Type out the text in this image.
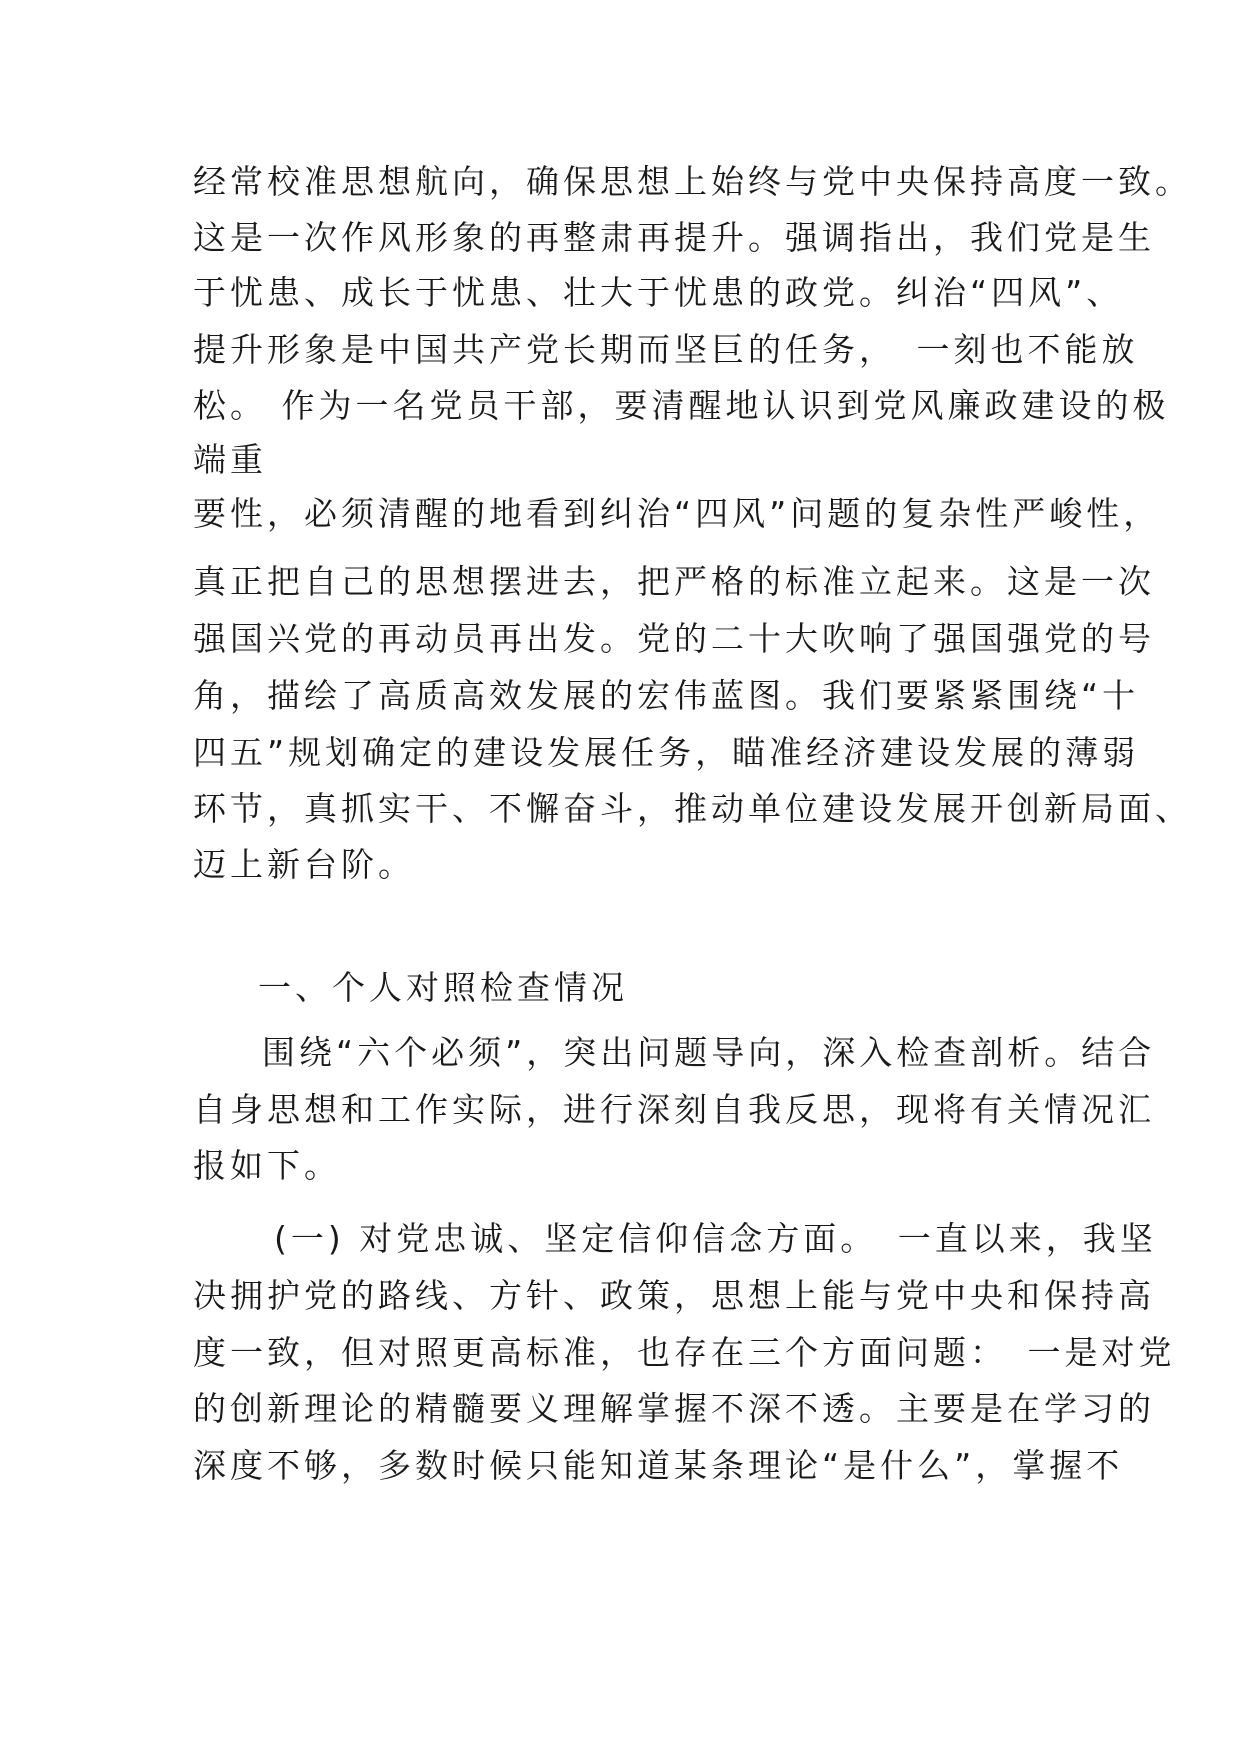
经常校准思想航向，确保思想上始终与党中央保持高度一致。
这是一次作风形象的再整肃再提升。强调指出，我们党是生
于忧患、成长于忧患、壮大于忧患的政党。纠治“四风”、
提升形象是中国共产党长期而坚巨的任务，　一刻也不能放
松。 作为一名党员干部，要清醒地认识到党风廉政建设的极
端重
要性，必须清醒的地看到纠治“四风”问题的复杂性严峻性，
真正把自己的思想摆进去，把严格的标准立起来。这是一次
强国兴党的再动员再出发。党的二十大吹响了强国强党的号
角，描绘了高质高效发展的宏伟蓝图。我们要紧紧围绕“十
四五”规划确定的建设发展任务，瞄准经济建设发展的薄弱
环节，真抓实干、不懈奋斗，推动单位建设发展开创新局面、
迈上新台阶。
一、个人对照检查情况
围绕“六个必须”，突出问题导向，深入检查剖析。结合
自身思想和工作实际，进行深刻自我反思，现将有关情况汇
报如下。
(一) 对党忠诚、坚定信仰信念方面。　一直以来，我坚
决拥护党的路线、方针、政策，思想上能与党中央和保持高
度一致，但对照更高标准，也存在三个方面问题：　一是对党
的创新理论的精髓要义理解掌握不深不透。主要是在学习的
深度不够，多数时候只能知道某条理论“是什么”，掌握不
